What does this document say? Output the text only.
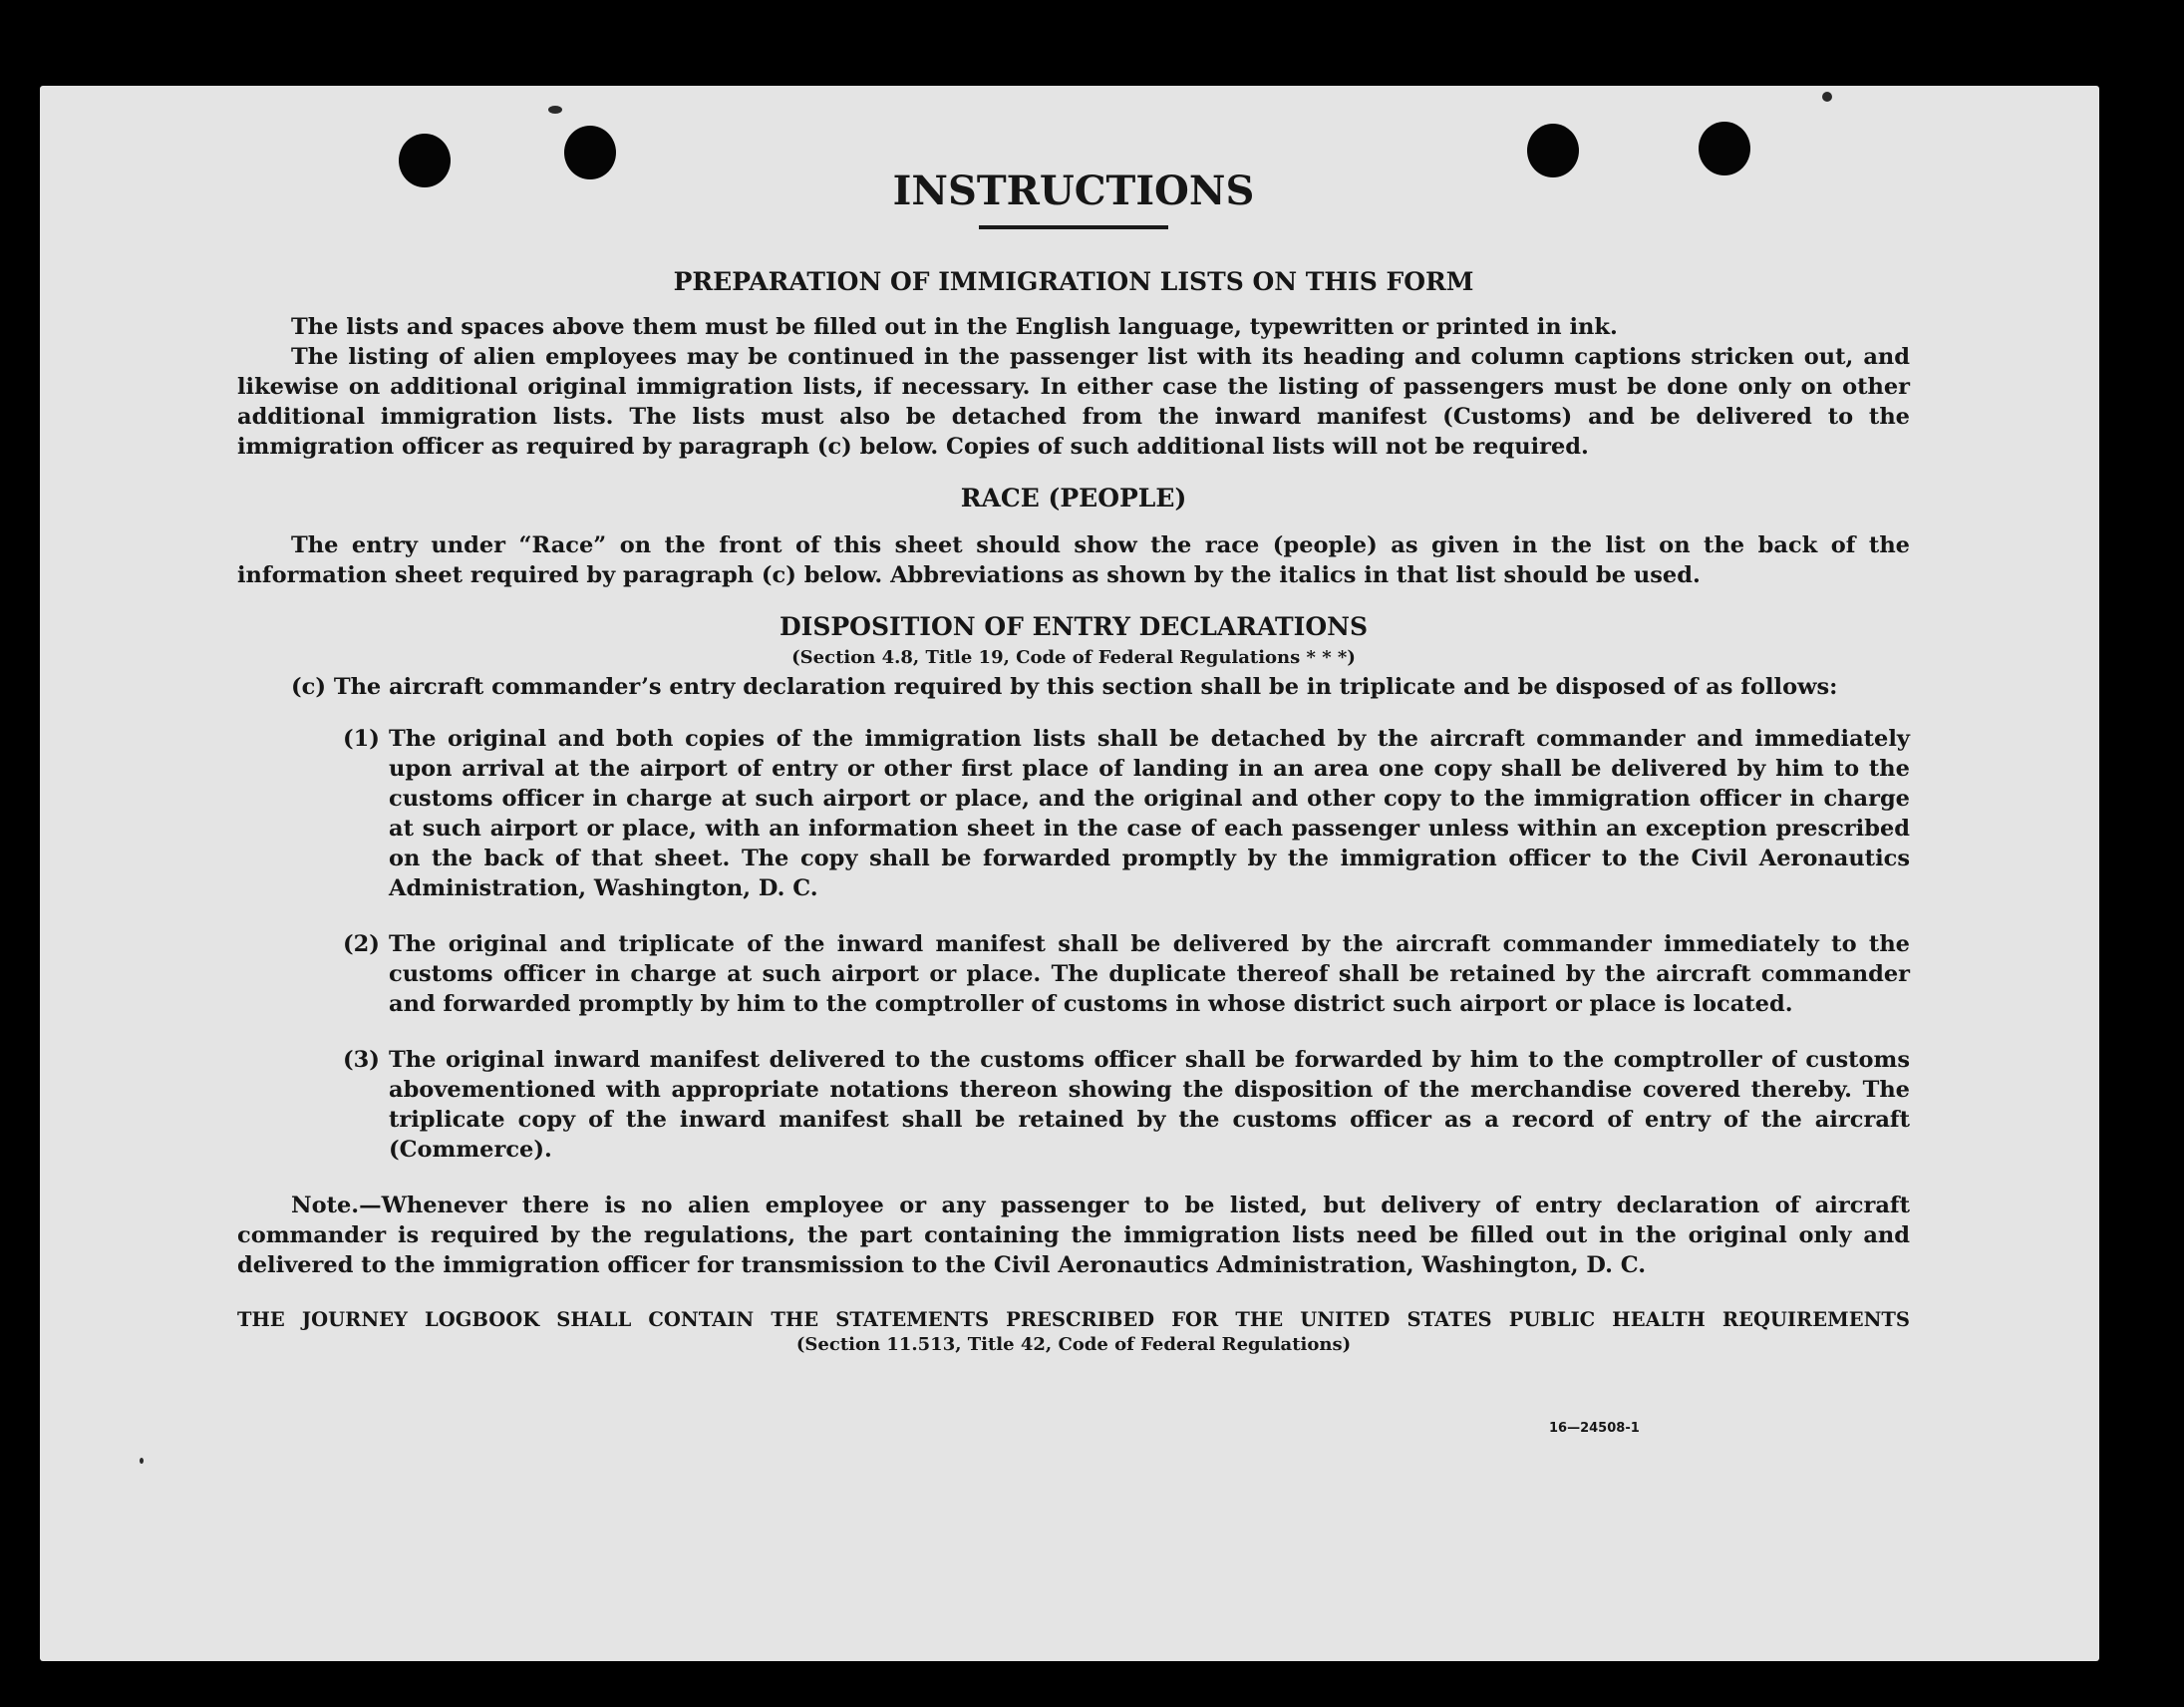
INSTRUCTIONS
PREPARATION OF IMMIGRATION LISTS ON THIS FORM

The lists and spaces above them must be filled out in the English language, typewritten or printed in ink.

The listing of alien employees may be continued in the passenger list with its heading and column captions stricken out, and likewise on additional original immigration lists, if necessary. In either case the listing of passengers must be done only on other additional immigration lists. The lists must also be detached from the inward manifest (Customs) and be delivered to the immigration officer as required by paragraph (c) below. Copies of such additional lists will not be required.

RACE (PEOPLE)

The entry under “Race” on the front of this sheet should show the race (people) as given in the list on the back of the information sheet required by paragraph (c) below. Abbreviations as shown by the italics in that list should be used.

DISPOSITION OF ENTRY DECLARATIONS

(Section 4.8, Title 19, Code of Federal Regulations * * *)

(c) The aircraft commander’s entry declaration required by this section shall be in triplicate and be disposed of as follows:

(1) The original and both copies of the immigration lists shall be detached by the aircraft commander and immediately upon arrival at the airport of entry or other first place of landing in an area one copy shall be delivered by him to the customs officer in charge at such airport or place, and the original and other copy to the immigration officer in charge at such airport or place, with an information sheet in the case of each passenger unless within an exception prescribed on the back of that sheet. The copy shall be forwarded promptly by the immigration officer to the Civil Aeronautics Administration, Washington, D. C.
(2) The original and triplicate of the inward manifest shall be delivered by the aircraft commander immediately to the customs officer in charge at such airport or place. The duplicate thereof shall be retained by the aircraft commander and forwarded promptly by him to the comptroller of customs in whose district such airport or place is located.
(3) The original inward manifest delivered to the customs officer shall be forwarded by him to the comptroller of customs abovementioned with appropriate notations thereon showing the disposition of the merchandise covered thereby. The triplicate copy of the inward manifest shall be retained by the customs officer as a record of entry of the aircraft (Commerce).

Note.—Whenever there is no alien employee or any passenger to be listed, but delivery of entry declaration of aircraft commander is required by the regulations, the part containing the immigration lists need be filled out in the original only and delivered to the immigration officer for transmission to the Civil Aeronautics Administration, Washington, D. C.

THE JOURNEY LOGBOOK SHALL CONTAIN THE STATEMENTS PRESCRIBED FOR THE UNITED STATES PUBLIC HEALTH REQUIREMENTS

(Section 11.513, Title 42, Code of Federal Regulations)

16—24508-1
